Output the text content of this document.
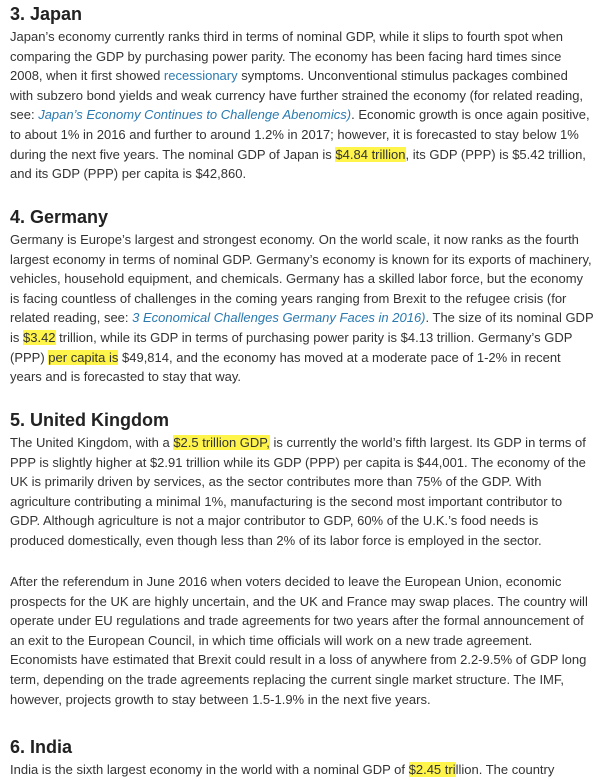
3. Japan

Japan’s economy currently ranks third in terms of nominal GDP, while it slips to fourth spot when comparing the GDP by purchasing power parity. The economy has been facing hard times since 2008, when it first showed recessionary symptoms. Unconventional stimulus packages combined with subzero bond yields and weak currency have further strained the economy (for related reading, see: Japan’s Economy Continues to Challenge Abenomics). Economic growth is once again positive, to about 1% in 2016 and further to around 1.2% in 2017; however, it is forecasted to stay below 1% during the next five years. The nominal GDP of Japan is $4.84 trillion, its GDP (PPP) is $5.42 trillion, and its GDP (PPP) per capita is $42,860.

4. Germany

Germany is Europe’s largest and strongest economy. On the world scale, it now ranks as the fourth largest economy in terms of nominal GDP. Germany’s economy is known for its exports of machinery, vehicles, household equipment, and chemicals. Germany has a skilled labor force, but the economy is facing countless of challenges in the coming years ranging from Brexit to the refugee crisis (for related reading, see: 3 Economical Challenges Germany Faces in 2016). The size of its nominal GDP is $3.42 trillion, while its GDP in terms of purchasing power parity is $4.13 trillion. Germany’s GDP (PPP) per capita is $49,814, and the economy has moved at a moderate pace of 1-2% in recent years and is forecasted to stay that way.

5. United Kingdom

The United Kingdom, with a $2.5 trillion GDP, is currently the world’s fifth largest. Its GDP in terms of PPP is slightly higher at $2.91 trillion while its GDP (PPP) per capita is $44,001. The economy of the UK is primarily driven by services, as the sector contributes more than 75% of the GDP. With agriculture contributing a minimal 1%, manufacturing is the second most important contributor to GDP. Although agriculture is not a major contributor to GDP, 60% of the U.K.’s food needs is produced domestically, even though less than 2% of its labor force is employed in the sector.

After the referendum in June 2016 when voters decided to leave the European Union, economic prospects for the UK are highly uncertain, and the UK and France may swap places. The country will operate under EU regulations and trade agreements for two years after the formal announcement of an exit to the European Council, in which time officials will work on a new trade agreement. Economists have estimated that Brexit could result in a loss of anywhere from 2.2-9.5% of GDP long term, depending on the trade agreements replacing the current single market structure. The IMF, however, projects growth to stay between 1.5-1.9% in the next five years.

6. India

India is the sixth largest economy in the world with a nominal GDP of $2.45 trillion. The country
